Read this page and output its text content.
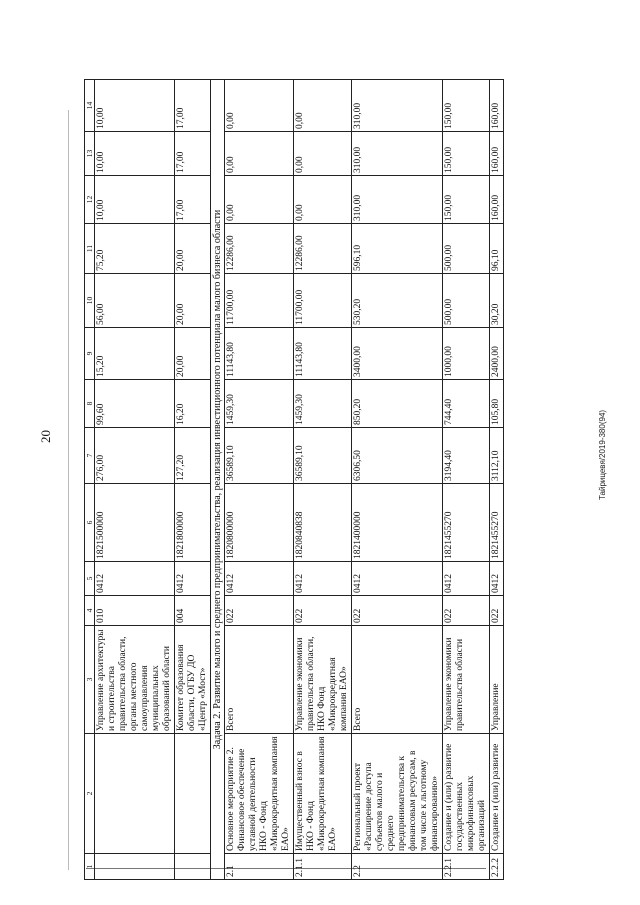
20	Тайрицевя/2019-380(94)
1	2	3	4	5	6	7	8	9	10	11	12	13	14
		Управление архитектуры и строительства правительства области, органы местного самоуправления муниципальных образований области	010	0412	1821500000	276,00	99,60	15,20	56,00	75,20	10,00	10,00	10,00
		Комитет образования области, ОГБУ ДО «Центр «Мост»	004	0412	1821800000	127,20	16,20	20,00	20,00	20,00	17,00	17,00	17,00
Задача 2. Развитие малого и среднего предпринимательства, реализация инвестиционного потенциала малого бизнеса области													
2.1	Основное мероприятие 2. Финансовое обеспечение уставной деятельности НКО - Фонд «Микрокредитная компания ЕАО»	Всего	022	0412	1820800000	36589,10	1459,30	11143,80	11700,00	12286,00	0,00	0,00	0,00
2.1.1	Имущественный взнос в НКО - Фонд «Микрокредитная компания ЕАО»	Управление экономики правительства области, НКО Фонд «Микрокредитная компания ЕАО»	022	0412	1820840838	36589,10	1459,30	11143,80	11700,00	12286,00	0,00	0,00	0,00
2.2	Региональный проект «Расширение доступа субъектов малого и среднего предпринимательства к финансовым ресурсам, в том числе к льготному финансированию»	Всего	022	0412	1821400000	6306,50	850,20	3400,00	530,20	596,10	310,00	310,00	310,00
2.2.1	Создание и (или) развитие государственных микрофинансовых организаций	Управление экономики правительства области	022	0412	1821455270	3194,40	744,40	1000,00	500,00	500,00	150,00	150,00	150,00
2.2.2	Создание и (или) развитие	Управление	022	0412	1821455270	3112,10	105,80	2400,00	30,20	96,10	160,00	160,00	160,00
